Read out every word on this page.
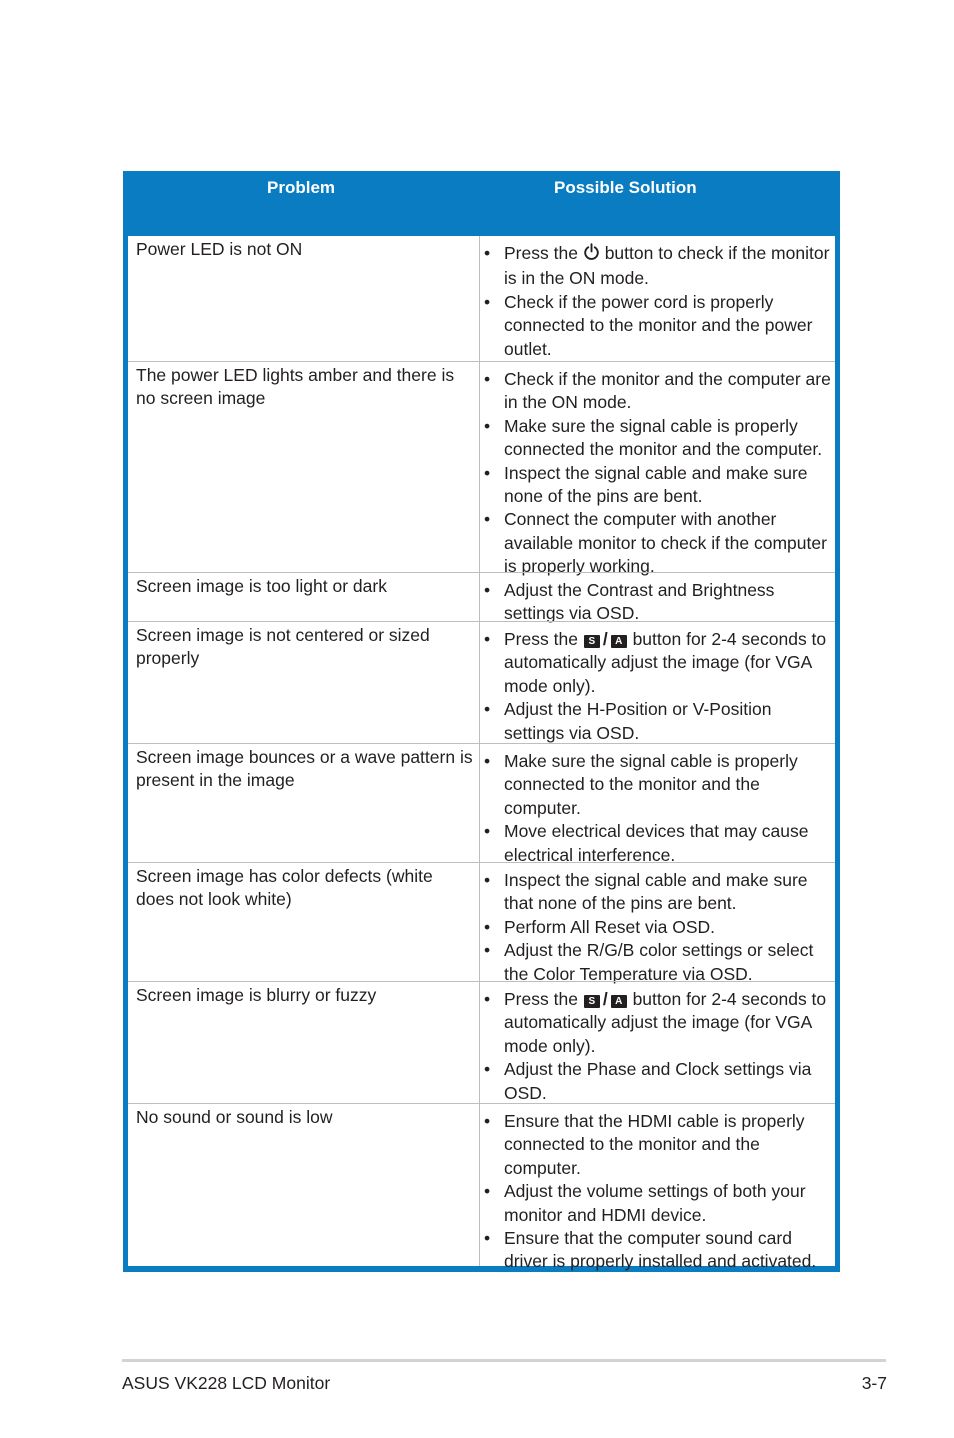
Problem	Possible Solution
Power LED is not ON	• Press the button to check if the monitor is in the ON mode.
• Check if the power cord is properly connected to the monitor and the power outlet.
The power LED lights amber and there is no screen image
• Check if the monitor and the computer are in the ON mode.
• Make sure the signal cable is properly connected the monitor and the computer.
• Inspect the signal cable and make sure none of the pins are bent.
• Connect the computer with another available monitor to check if the computer is properly working.
Screen image is too light or dark	• Adjust the Contrast and Brightness settings via OSD.
Screen image is not centered or sized properly
• Press the S / A button for 2-4 seconds to automatically adjust the image (for VGA mode only).
• Adjust the H-Position or V-Position settings via OSD.
Screen image bounces or a wave pattern is present in the image
• Make sure the signal cable is properly connected to the monitor and the computer.
• Move electrical devices that may cause electrical interference.
Screen image has color defects (white does not look white)
• Inspect the signal cable and make sure that none of the pins are bent.
• Perform All Reset via OSD.
• Adjust the R/G/B color settings or select the Color Temperature via OSD.
Screen image is blurry or fuzzy	• Press the S / A button for 2-4 seconds to automatically adjust the image (for VGA mode only).
• Adjust the Phase and Clock settings via OSD.
No sound or sound is low	• Ensure that the HDMI cable is properly connected to the monitor and the computer.
• Adjust the volume settings of both your monitor and HDMI device.
• Ensure that the computer sound card driver is properly installed and activated.
ASUS VK228 LCD Monitor	3-7
